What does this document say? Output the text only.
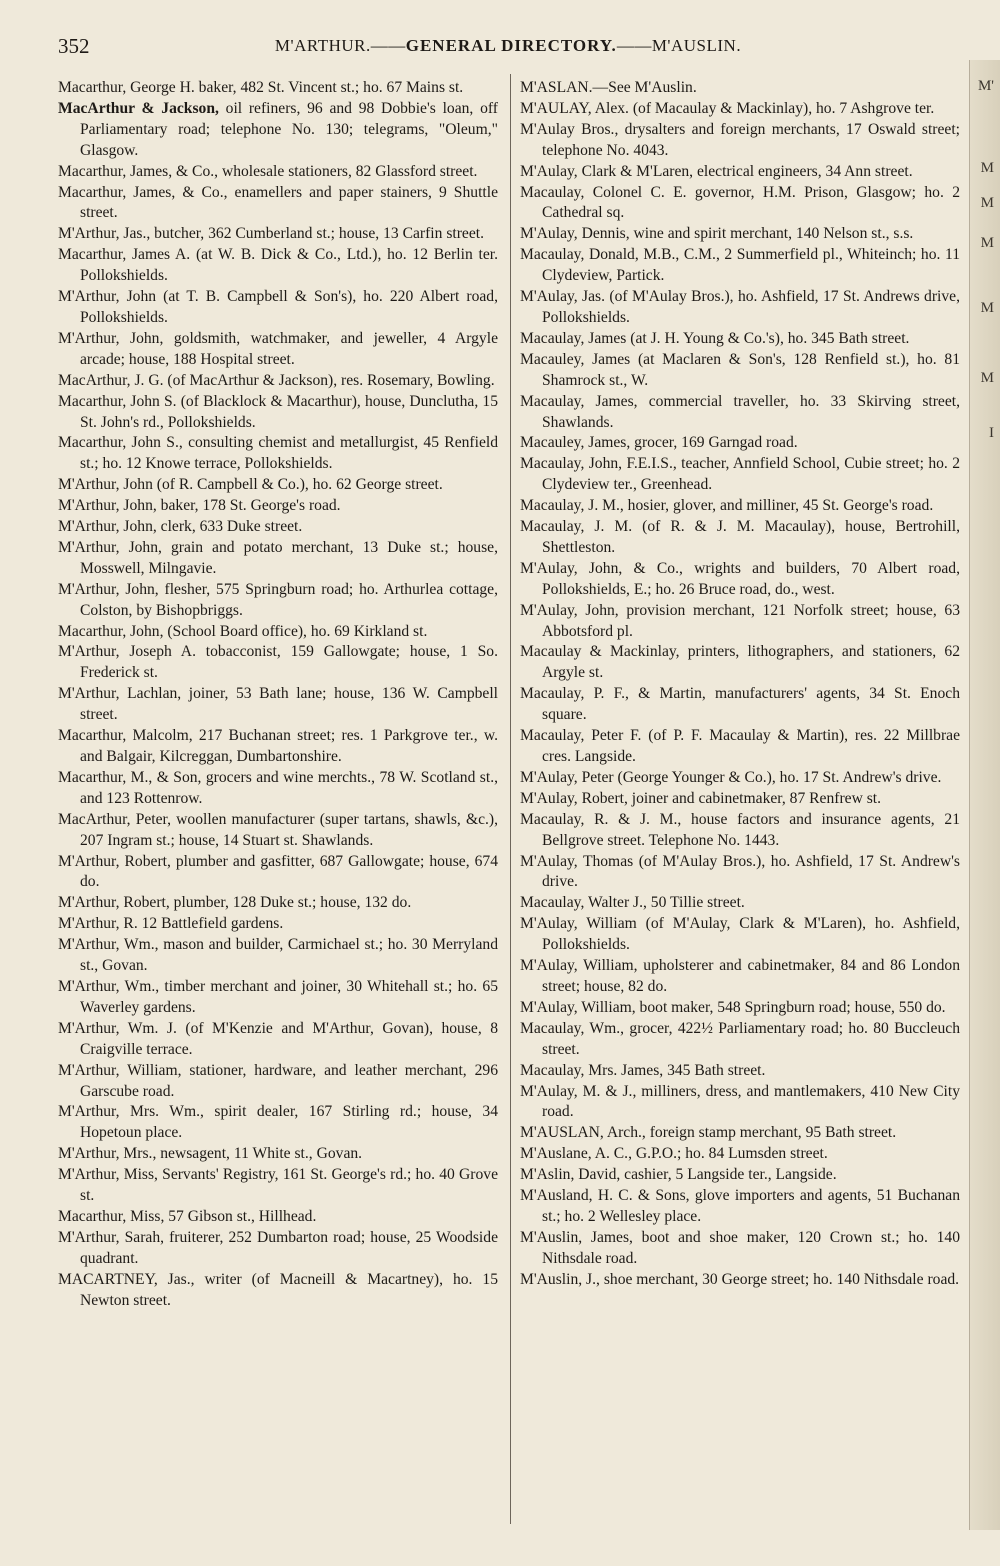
352	M'ARTHUR.——GENERAL DIRECTORY.——M'AUSLIN.

Macarthur, George H. baker, 482 St. Vincent st.; ho. 67 Mains st.

MacArthur & Jackson, oil refiners, 96 and 98 Dobbie's loan, off Parliamentary road; telephone No. 130; telegrams, "Oleum," Glasgow.

Macarthur, James, & Co., wholesale stationers, 82 Glassford street.

Macarthur, James, & Co., enamellers and paper stainers, 9 Shuttle street.

M'Arthur, Jas., butcher, 362 Cumberland st.; house, 13 Carfin street.

Macarthur, James A. (at W. B. Dick & Co., Ltd.), ho. 12 Berlin ter. Pollokshields.

M'Arthur, John (at T. B. Campbell & Son's), ho. 220 Albert road, Pollokshields.

M'Arthur, John, goldsmith, watchmaker, and jeweller, 4 Argyle arcade; house, 188 Hospital street.

MacArthur, J. G. (of MacArthur & Jackson), res. Rosemary, Bowling.

Macarthur, John S. (of Blacklock & Macarthur), house, Dunclutha, 15 St. John's rd., Pollokshields.

Macarthur, John S., consulting chemist and metallurgist, 45 Renfield st.; ho. 12 Knowe terrace, Pollokshields.

M'Arthur, John (of R. Campbell & Co.), ho. 62 George street.

M'Arthur, John, baker, 178 St. George's road.

M'Arthur, John, clerk, 633 Duke street.

M'Arthur, John, grain and potato merchant, 13 Duke st.; house, Mosswell, Milngavie.

M'Arthur, John, flesher, 575 Springburn road; ho. Arthurlea cottage, Colston, by Bishopbriggs.

Macarthur, John, (School Board office), ho. 69 Kirkland st.

M'Arthur, Joseph A. tobacconist, 159 Gallowgate; house, 1 So. Frederick st.

M'Arthur, Lachlan, joiner, 53 Bath lane; house, 136 W. Campbell street.

Macarthur, Malcolm, 217 Buchanan street; res. 1 Parkgrove ter., w. and Balgair, Kilcreggan, Dumbartonshire.

Macarthur, M., & Son, grocers and wine merchts., 78 W. Scotland st., and 123 Rottenrow.

MacArthur, Peter, woollen manufacturer (super tartans, shawls, &c.), 207 Ingram st.; house, 14 Stuart st. Shawlands.

M'Arthur, Robert, plumber and gasfitter, 687 Gallowgate; house, 674 do.

M'Arthur, Robert, plumber, 128 Duke st.; house, 132 do.

M'Arthur, R. 12 Battlefield gardens.

M'Arthur, Wm., mason and builder, Carmichael st.; ho. 30 Merryland st., Govan.

M'Arthur, Wm., timber merchant and joiner, 30 Whitehall st.; ho. 65 Waverley gardens.

M'Arthur, Wm. J. (of M'Kenzie and M'Arthur, Govan), house, 8 Craigville terrace.

M'Arthur, William, stationer, hardware, and leather merchant, 296 Garscube road.

M'Arthur, Mrs. Wm., spirit dealer, 167 Stirling rd.; house, 34 Hopetoun place.

M'Arthur, Mrs., newsagent, 11 White st., Govan.

M'Arthur, Miss, Servants' Registry, 161 St. George's rd.; ho. 40 Grove st.

Macarthur, Miss, 57 Gibson st., Hillhead.

M'Arthur, Sarah, fruiterer, 252 Dumbarton road; house, 25 Woodside quadrant.

MACARTNEY, Jas., writer (of Macneill & Macartney), ho. 15 Newton street.

M'ASLAN.—See M'Auslin.

M'AULAY, Alex. (of Macaulay & Mackinlay), ho. 7 Ashgrove ter.

M'Aulay Bros., drysalters and foreign merchants, 17 Oswald street; telephone No. 4043.

M'Aulay, Clark & M'Laren, electrical engineers, 34 Ann street.

Macaulay, Colonel C. E. governor, H.M. Prison, Glasgow; ho. 2 Cathedral sq.

M'Aulay, Dennis, wine and spirit merchant, 140 Nelson st., s.s.

Macaulay, Donald, M.B., C.M., 2 Summerfield pl., Whiteinch; ho. 11 Clydeview, Partick.

M'Aulay, Jas. (of M'Aulay Bros.), ho. Ashfield, 17 St. Andrews drive, Pollokshields.

Macaulay, James (at J. H. Young & Co.'s), ho. 345 Bath street.

Macauley, James (at Maclaren & Son's, 128 Renfield st.), ho. 81 Shamrock st., W.

Macaulay, James, commercial traveller, ho. 33 Skirving street, Shawlands.

Macauley, James, grocer, 169 Garngad road.

Macaulay, John, F.E.I.S., teacher, Annfield School, Cubie street; ho. 2 Clydeview ter., Greenhead.

Macaulay, J. M., hosier, glover, and milliner, 45 St. George's road.

Macaulay, J. M. (of R. & J. M. Macaulay), house, Bertrohill, Shettleston.

M'Aulay, John, & Co., wrights and builders, 70 Albert road, Pollokshields, E.; ho. 26 Bruce road, do., west.

M'Aulay, John, provision merchant, 121 Norfolk street; house, 63 Abbotsford pl.

Macaulay & Mackinlay, printers, lithographers, and stationers, 62 Argyle st.

Macaulay, P. F., & Martin, manufacturers' agents, 34 St. Enoch square.

Macaulay, Peter F. (of P. F. Macaulay & Martin), res. 22 Millbrae cres. Langside.

M'Aulay, Peter (George Younger & Co.), ho. 17 St. Andrew's drive.

M'Aulay, Robert, joiner and cabinetmaker, 87 Renfrew st.

Macaulay, R. & J. M., house factors and insurance agents, 21 Bellgrove street. Telephone No. 1443.

M'Aulay, Thomas (of M'Aulay Bros.), ho. Ashfield, 17 St. Andrew's drive.

Macaulay, Walter J., 50 Tillie street.

M'Aulay, William (of M'Aulay, Clark & M'Laren), ho. Ashfield, Pollokshields.

M'Aulay, William, upholsterer and cabinetmaker, 84 and 86 London street; house, 82 do.

M'Aulay, William, boot maker, 548 Springburn road; house, 550 do.

Macaulay, Wm., grocer, 422½ Parliamentary road; ho. 80 Buccleuch street.

Macaulay, Mrs. James, 345 Bath street.

M'Aulay, M. & J., milliners, dress, and mantlemakers, 410 New City road.

M'AUSLAN, Arch., foreign stamp merchant, 95 Bath street.

M'Auslane, A. C., G.P.O.; ho. 84 Lumsden street.

M'Aslin, David, cashier, 5 Langside ter., Langside.

M'Ausland, H. C. & Sons, glove importers and agents, 51 Buchanan st.; ho. 2 Wellesley place.

M'Auslin, James, boot and shoe maker, 120 Crown st.; ho. 140 Nithsdale road.

M'Auslin, J., shoe merchant, 30 George street; ho. 140 Nithsdale road.

M'
M
M
M
M
M
I
